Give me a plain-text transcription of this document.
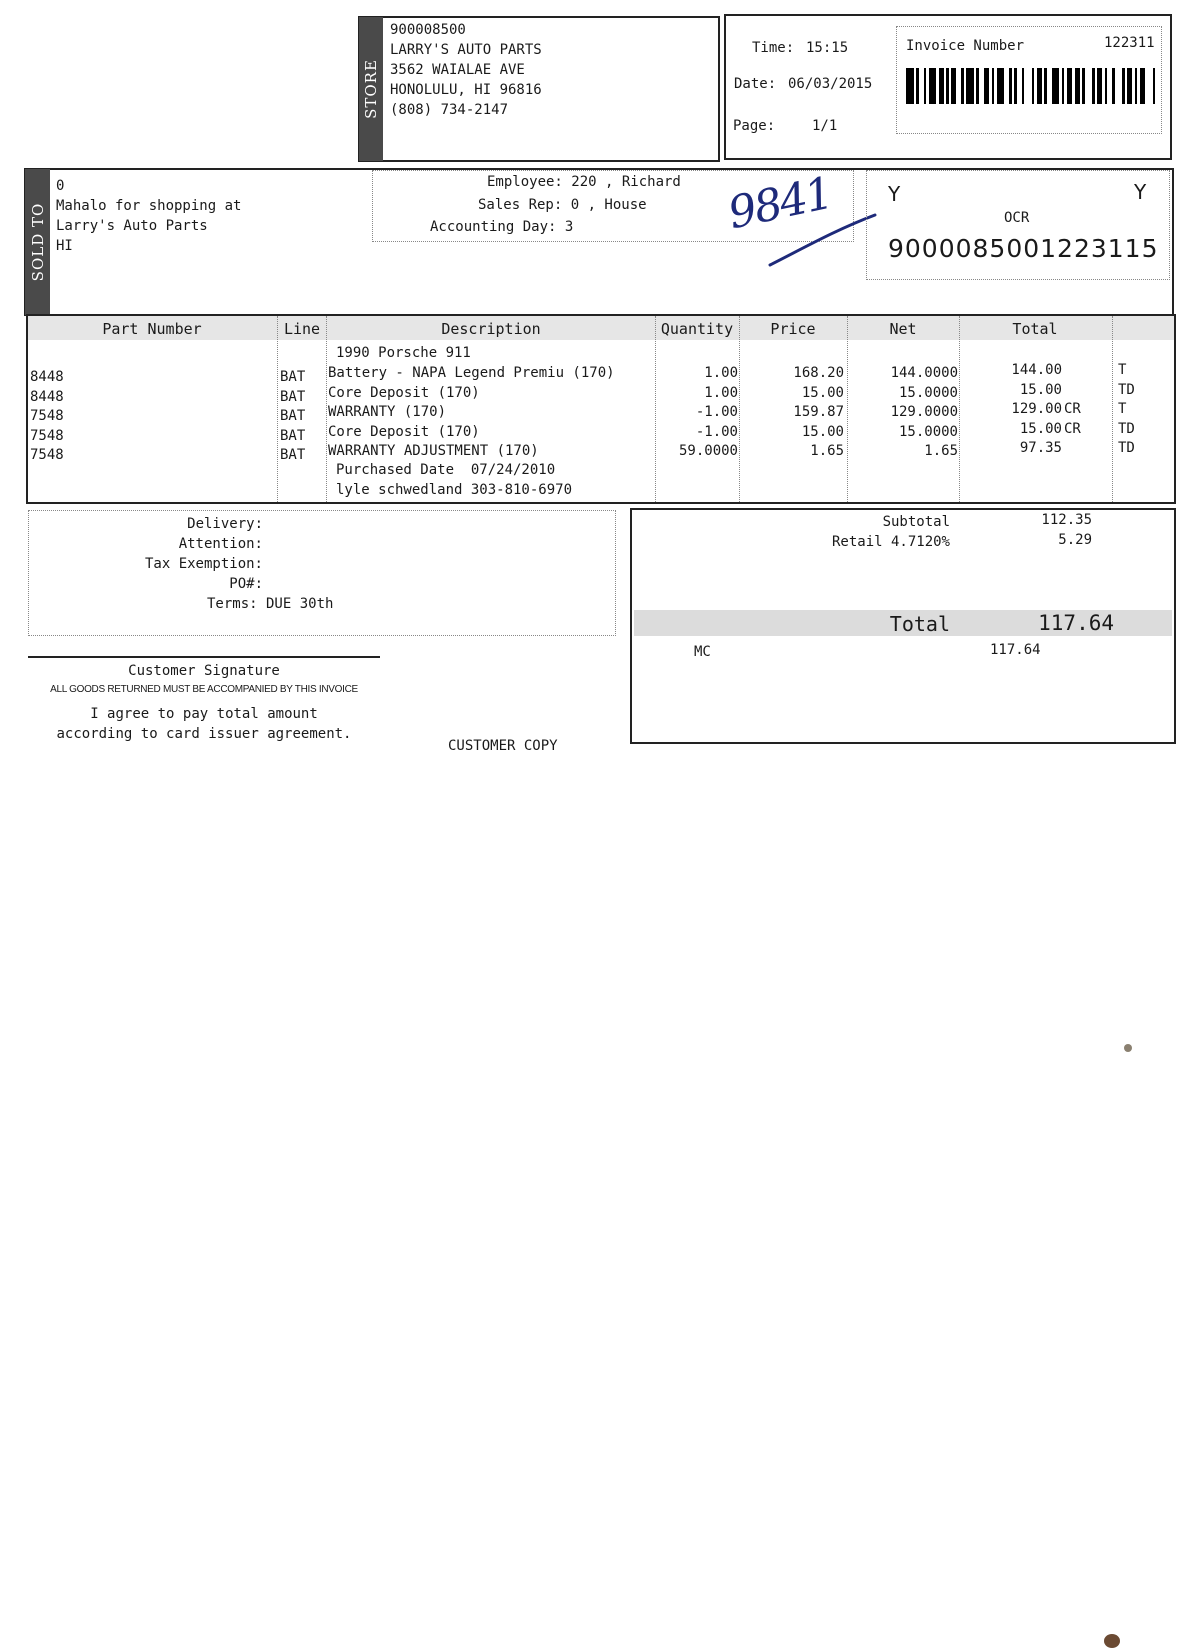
STORE
900008500
LARRY'S AUTO PARTS
3562 WAIALAE AVE
HONOLULU, HI 96816
(808) 734-2147
Time: 15:15
Date: 06/03/2015
Page:	1/1
Invoice Number	122311
SOLD TO
0
Mahalo for shopping at
Larry's Auto Parts
HI
Employee: 220 , Richard
Sales Rep: 0 , House
Accounting Day: 3	9841	Y	Y
OCR
9000085001223115
Part Number	Line	Description	Quantity	Price	Net	Total
1990 Porsche 911
8448	BAT Battery - NAPA Legend Premiu (170)	1.00	168.20	144.0000	144.00	T
8448	BAT Core Deposit (170)	1.00	15.00	15.0000	15.00	TD
7548	BAT WARRANTY (170)	-1.00	159.87	129.0000	129.00 CR	T
7548	BAT Core Deposit (170)	-1.00	15.00	15.0000	15.00 CR	TD
7548	BAT WARRANTY ADJUSTMENT (170)	59.0000	1.65	1.65	97.35	TD
Purchased Date  07/24/2010
lyle schwedland 303-810-6970
Delivery:
Attention:
Tax Exemption:
PO#:
Terms: DUE 30th
Subtotal	112.35
Retail 4.7120%	5.29
Total	117.64
MC	117.64
Customer Signature
ALL GOODS RETURNED MUST BE ACCOMPANIED BY THIS INVOICE
I agree to pay total amount
according to card issuer agreement.
CUSTOMER COPY
